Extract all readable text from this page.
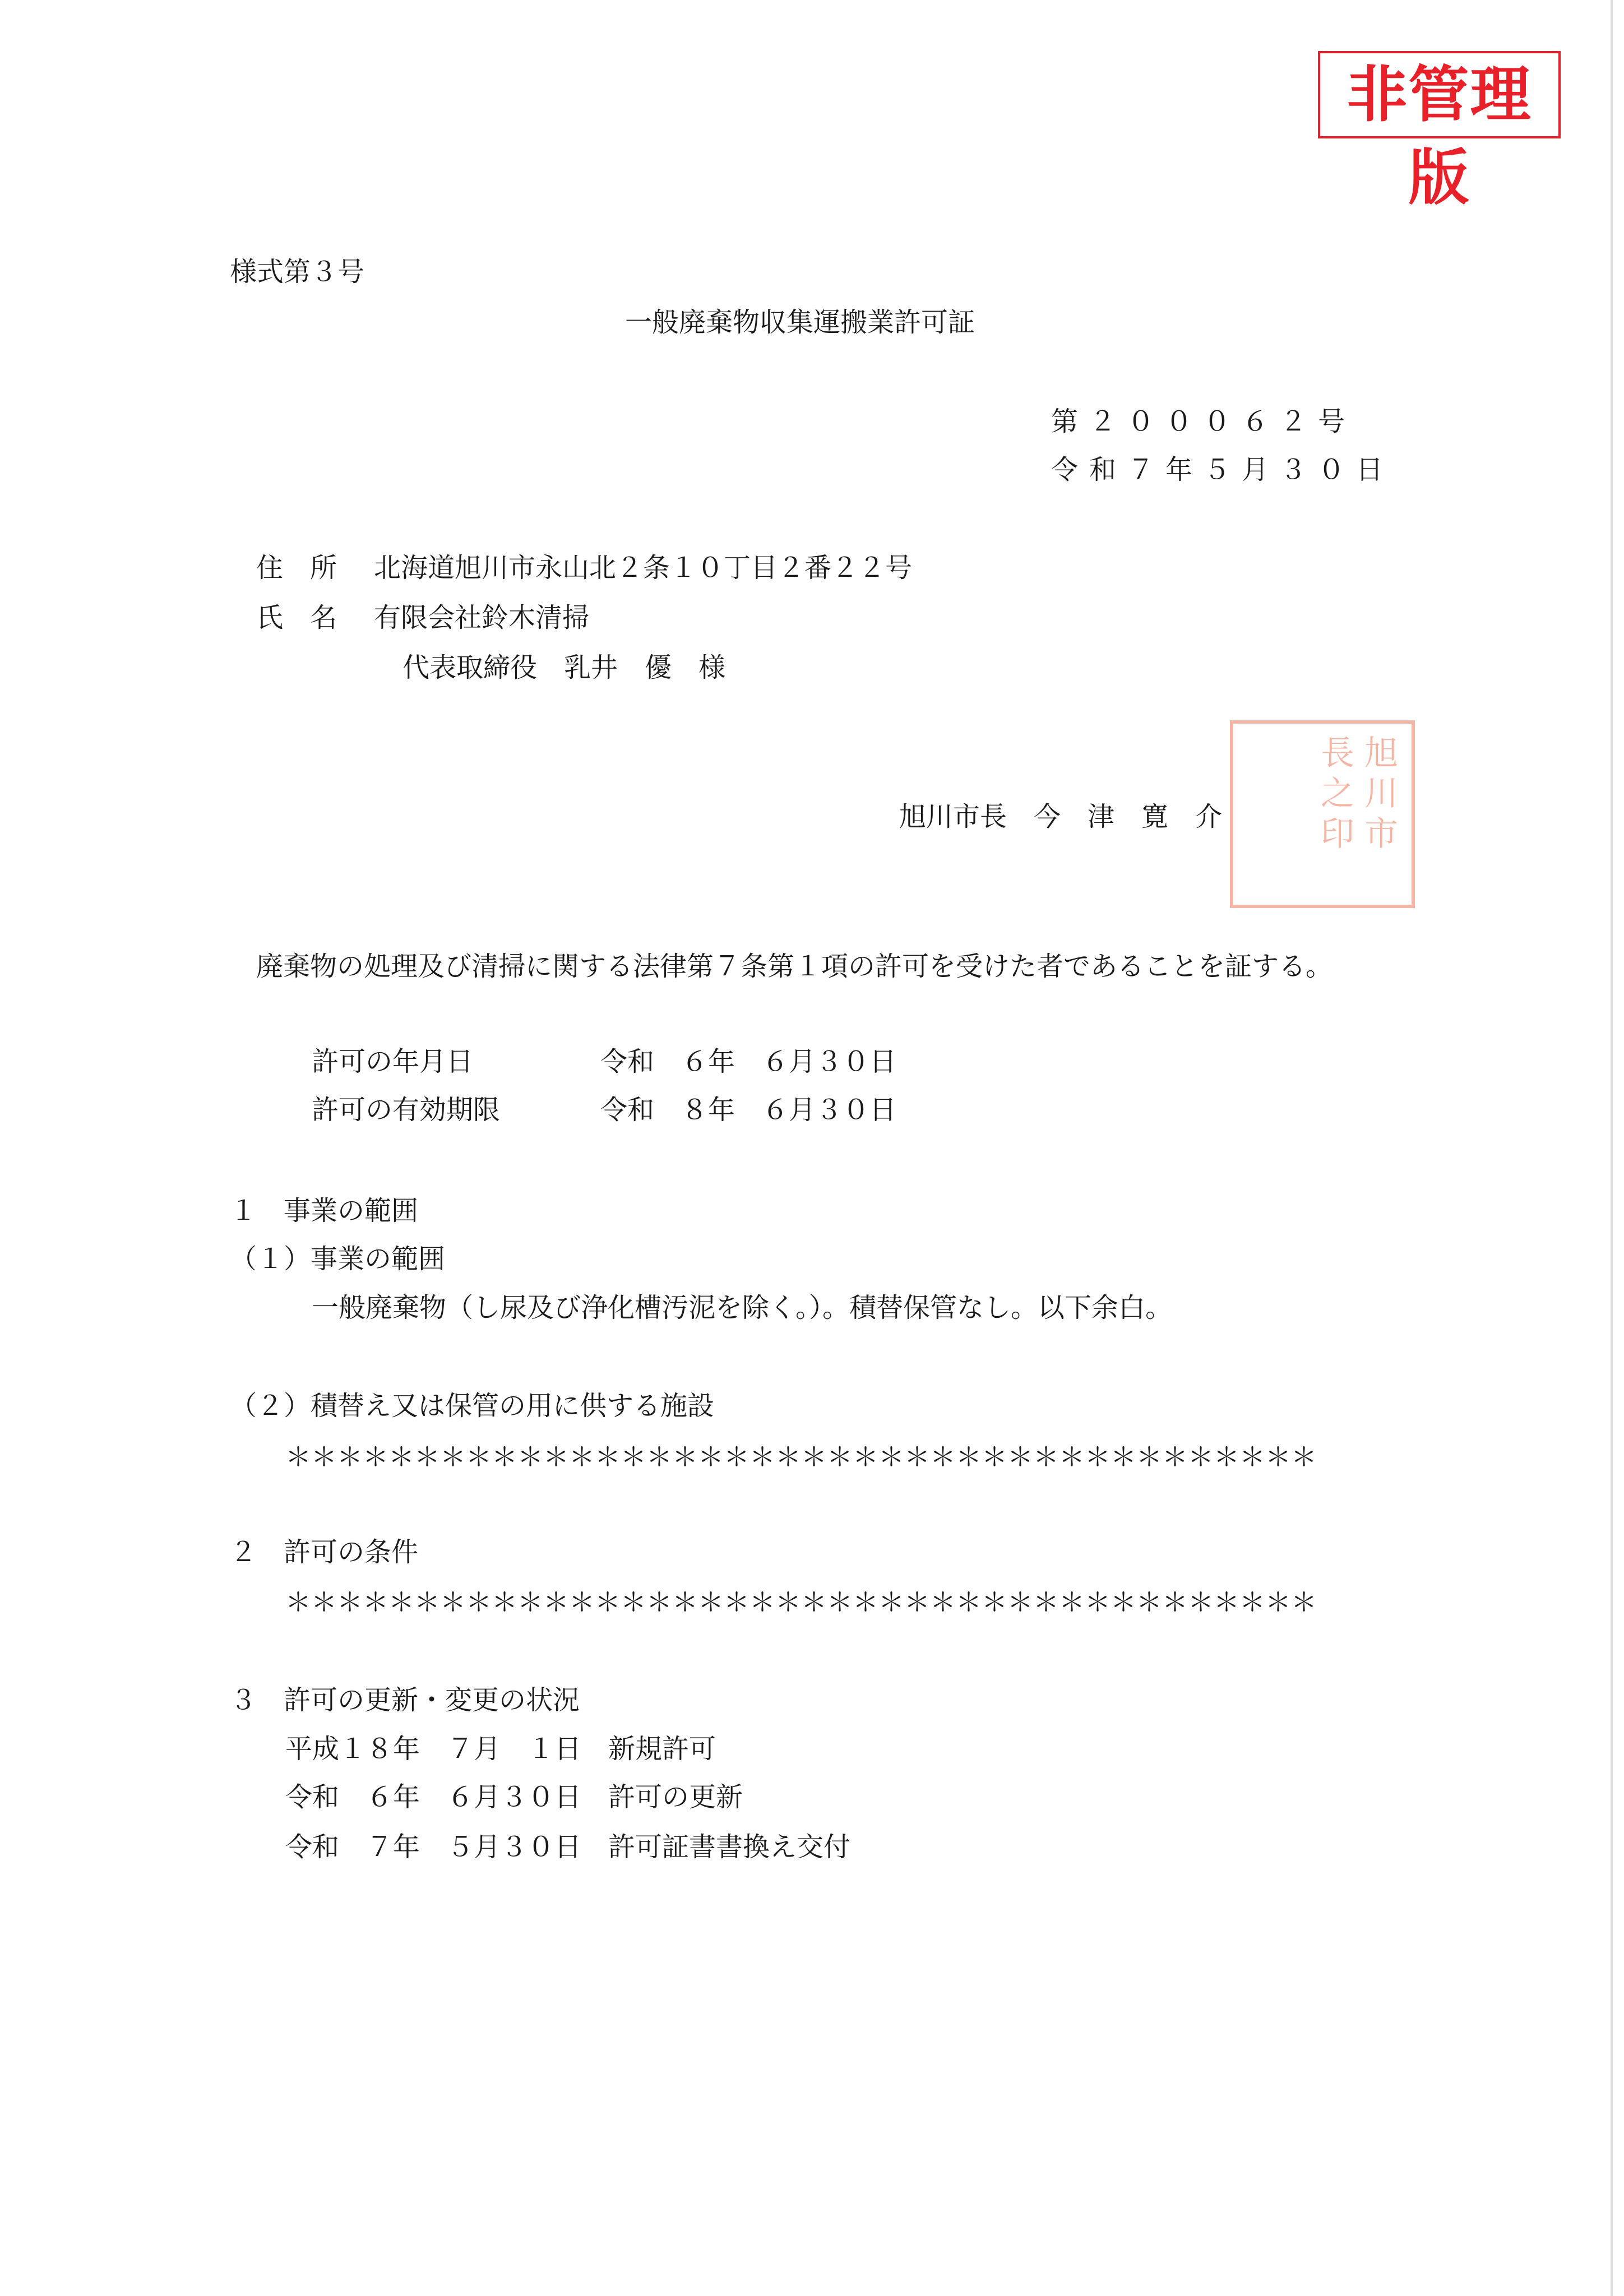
非管理版
様式第３号
一般廃棄物収集運搬業許可証
第２０００６２号
令和７年５月３０日
住　所 北海道旭川市永山北２条１０丁目２番２２号
氏　名 有限会社鈴木清掃
代表取締役　乳井　優　様
旭川市長之印
旭川市長　今　津　寛　介
廃棄物の処理及び清掃に関する法律第７条第１項の許可を受けた者であることを証する。
許可の年月日	令和　６年　６月３０日
許可の有効期限	令和　８年　６月３０日
１　事業の範囲
（１）事業の範囲
一般廃棄物（し尿及び浄化槽汚泥を除く。）。積替保管なし。以下余白。
（２）積替え又は保管の用に供する施設
＊＊＊＊＊＊＊＊＊＊＊＊＊＊＊＊＊＊＊＊＊＊＊＊＊＊＊＊＊＊＊＊＊＊＊＊＊＊＊＊
２　許可の条件
＊＊＊＊＊＊＊＊＊＊＊＊＊＊＊＊＊＊＊＊＊＊＊＊＊＊＊＊＊＊＊＊＊＊＊＊＊＊＊＊
３　許可の更新・変更の状況
平成１８年　７月　１日　新規許可
令和　６年　６月３０日　許可の更新
令和　７年　５月３０日　許可証書書換え交付
